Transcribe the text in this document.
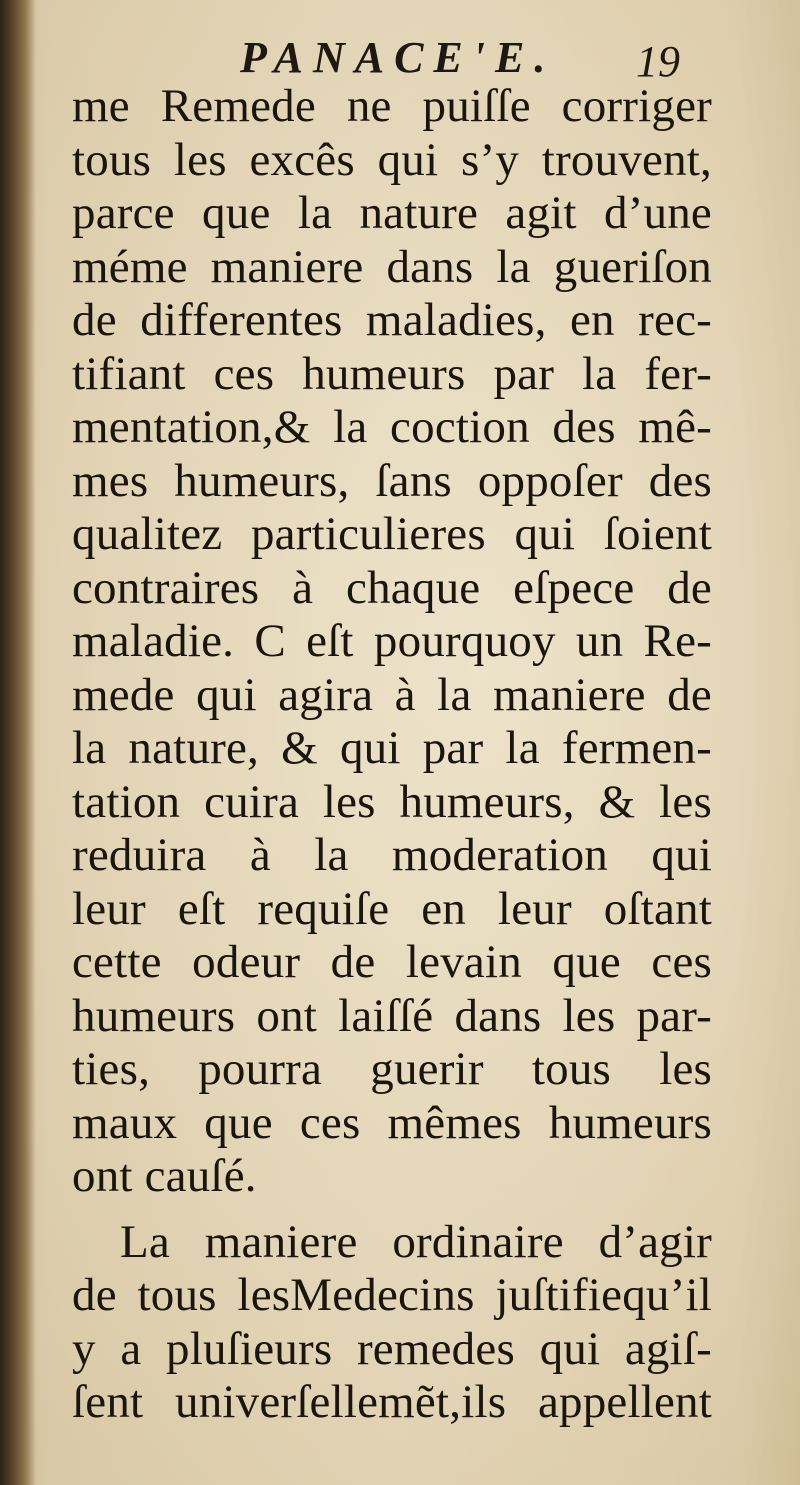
PANACE'E. 19
me Remede ne puiſſe corriger
tous les excês qui s’y trouvent,
parce que la nature agit d’une
méme maniere dans la gueriſon
de differentes maladies, en rec-
tifiant ces humeurs par la fer-
mentation,& la coction des mê-
mes humeurs, ſans oppoſer des
qualitez particulieres qui ſoient
contraires à chaque eſpece de
maladie. C eſt pourquoy un Re-
mede qui agira à la maniere de
la nature, & qui par la fermen-
tation cuira les humeurs, & les
reduira à la moderation qui
leur eſt requiſe en leur oſtant
cette odeur de levain que ces
humeurs ont laiſſé dans les par-
ties, pourra guerir tous les
maux que ces mêmes humeurs
ont cauſé.
La maniere ordinaire d’agir
de tous lesMedecins juſtifiequ’il
y a pluſieurs remedes qui agiſ-
ſent univerſellemẽt,ils appellent
